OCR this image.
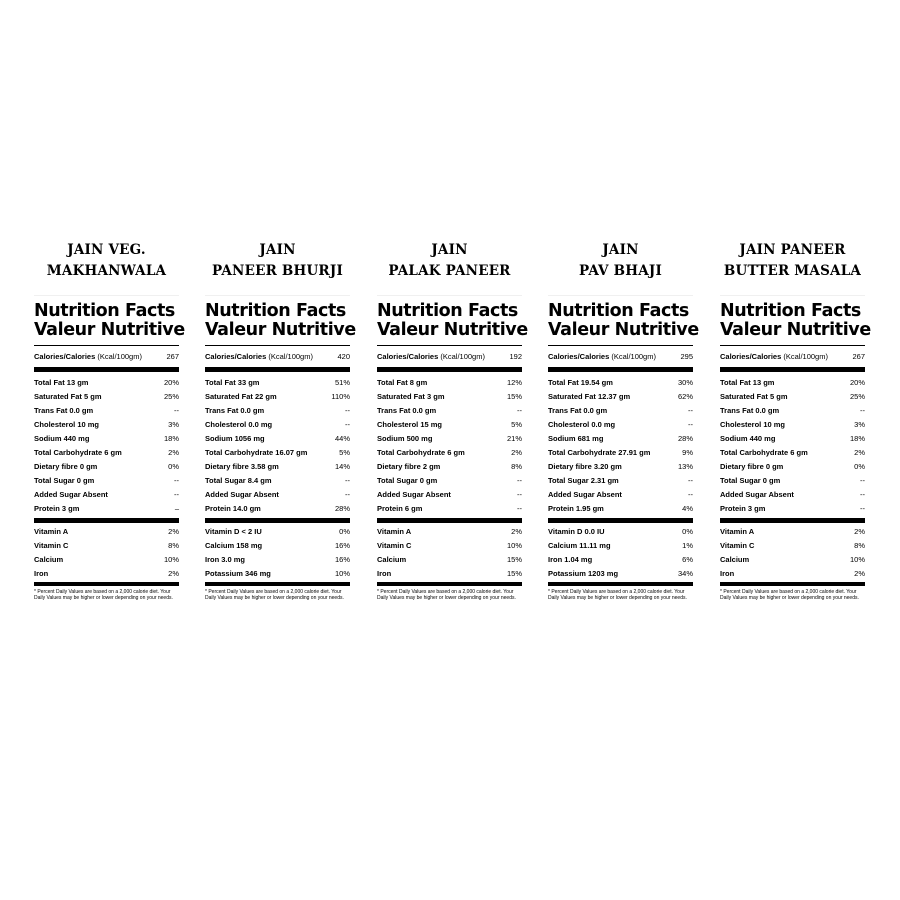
JAIN VEG.
MAKHANWALA
Nutrition Facts
Valeur Nutritive
Calories/Calories (Kcal/100gm)	267
Total Fat 13 gm	20%
Saturated Fat 5 gm	25%
Trans Fat 0.0 gm	--
Cholesterol 10 mg	3%
Sodium 440 mg	18%
Total Carbohydrate 6 gm	2%
Dietary fibre 0 gm	0%
Total Sugar 0 gm	--
Added Sugar Absent	--
Protein 3 gm	–
Vitamin A	2%
Vitamin C	8%
Calcium	10%
Iron	2%
* Percent Daily Values are based on a 2,000 calorie diet. Your Daily Values may be higher or lower depending on your needs.
JAIN
PANEER BHURJI
Nutrition Facts
Valeur Nutritive
Calories/Calories (Kcal/100gm)	420
Total Fat 33 gm	51%
Saturated Fat 22 gm	110%
Trans Fat 0.0 gm	--
Cholesterol 0.0 mg	--
Sodium 1056 mg	44%
Total Carbohydrate 16.07 gm	5%
Dietary fibre 3.58 gm	14%
Total Sugar 8.4 gm	--
Added Sugar Absent	--
Protein 14.0 gm	28%
Vitamin D < 2 IU	0%
Calcium 158 mg	16%
Iron 3.0 mg	16%
Potassium 346 mg	10%
* Percent Daily Values are based on a 2,000 calorie diet. Your Daily Values may be higher or lower depending on your needs.
JAIN
PALAK PANEER
Nutrition Facts
Valeur Nutritive
Calories/Calories (Kcal/100gm)	192
Total Fat 8 gm	12%
Saturated Fat 3 gm	15%
Trans Fat 0.0 gm	--
Cholesterol 15 mg	5%
Sodium 500 mg	21%
Total Carbohydrate 6 gm	2%
Dietary fibre 2 gm	8%
Total Sugar 0 gm	--
Added Sugar Absent	--
Protein 6 gm	--
Vitamin A	2%
Vitamin C	10%
Calcium	15%
Iron	15%
* Percent Daily Values are based on a 2,000 calorie diet. Your Daily Values may be higher or lower depending on your needs.
JAIN
PAV BHAJI
Nutrition Facts
Valeur Nutritive
Calories/Calories (Kcal/100gm)	295
Total Fat 19.54 gm	30%
Saturated Fat 12.37 gm	62%
Trans Fat 0.0 gm	--
Cholesterol 0.0 mg	--
Sodium 681 mg	28%
Total Carbohydrate 27.91 gm	9%
Dietary fibre 3.20 gm	13%
Total Sugar 2.31 gm	--
Added Sugar Absent	--
Protein 1.95 gm	4%
Vitamin D 0.0 IU	0%
Calcium 11.11 mg	1%
Iron 1.04 mg	6%
Potassium 1203 mg	34%
* Percent Daily Values are based on a 2,000 calorie diet. Your Daily Values may be higher or lower depending on your needs.
JAIN PANEER
BUTTER MASALA
Nutrition Facts
Valeur Nutritive
Calories/Calories (Kcal/100gm)	267
Total Fat 13 gm	20%
Saturated Fat 5 gm	25%
Trans Fat 0.0 gm	--
Cholesterol 10 mg	3%
Sodium 440 mg	18%
Total Carbohydrate 6 gm	2%
Dietary fibre 0 gm	0%
Total Sugar 0 gm	--
Added Sugar Absent	--
Protein 3 gm	--
Vitamin A	2%
Vitamin C	8%
Calcium	10%
Iron	2%
* Percent Daily Values are based on a 2,000 calorie diet. Your Daily Values may be higher or lower depending on your needs.
